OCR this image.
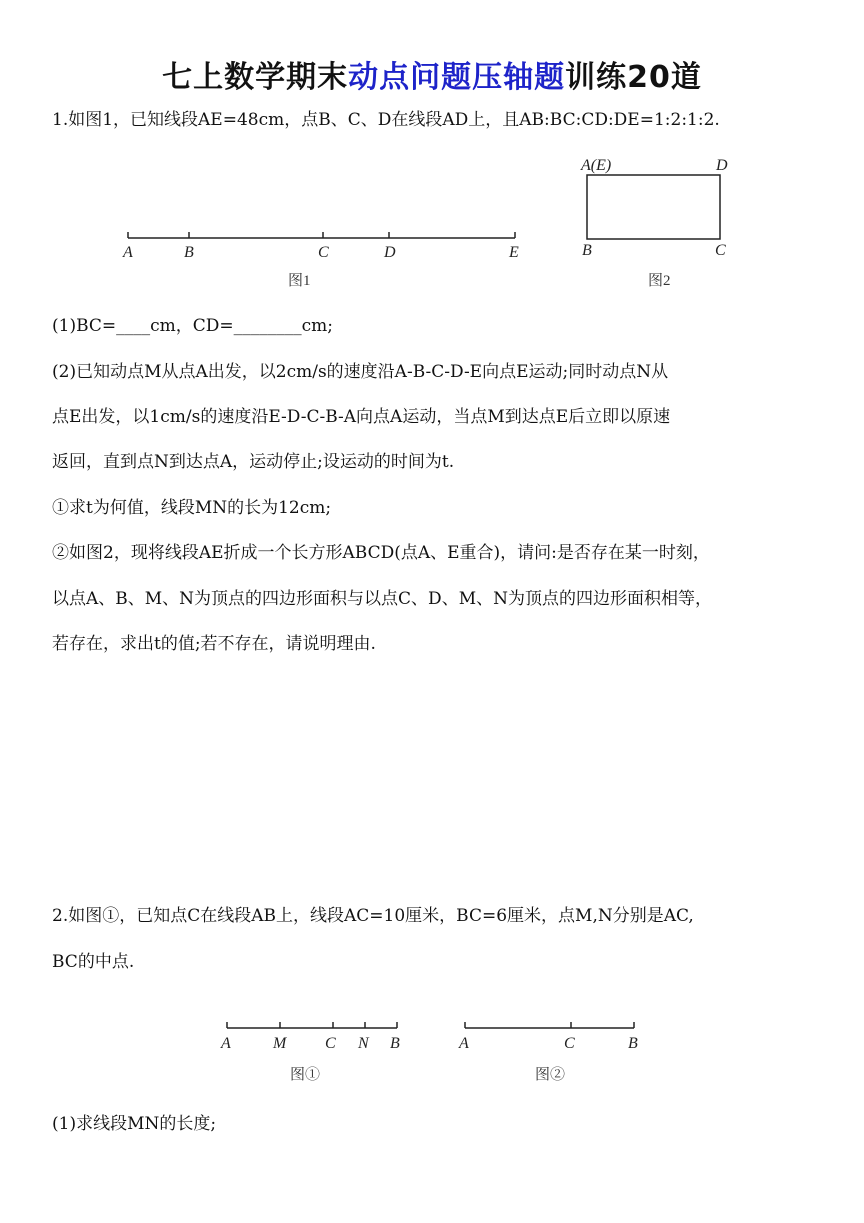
七上数学期末动点问题压轴题训练20道
1.如图1，已知线段AE=48cm，点B、C、D在线段AD上，且AB:BC:CD:DE=1:2:1:2.
A	B	C	D	E
图1
A(E)	D
B	C
图2
(1)BC=____cm，CD=________cm;
(2)已知动点M从点A出发，以2cm/s的速度沿A-B-C-D-E向点E运动;同时动点N从
点E出发，以1cm/s的速度沿E-D-C-B-A向点A运动，当点M到达点E后立即以原速
返回，直到点N到达点A，运动停止;设运动的时间为t.
①求t为何值，线段MN的长为12cm;
②如图2，现将线段AE折成一个长方形ABCD(点A、E重合)，请问:是否存在某一时刻，
以点A、B、M、N为顶点的四边形面积与以点C、D、M、N为顶点的四边形面积相等，
若存在，求出t的值;若不存在，请说明理由.
2.如图①，已知点C在线段AB上，线段AC=10厘米，BC=6厘米，点M,N分别是AC,
BC的中点.
A	M C N B
图①
A	C	B
图②
(1)求线段MN的长度;
